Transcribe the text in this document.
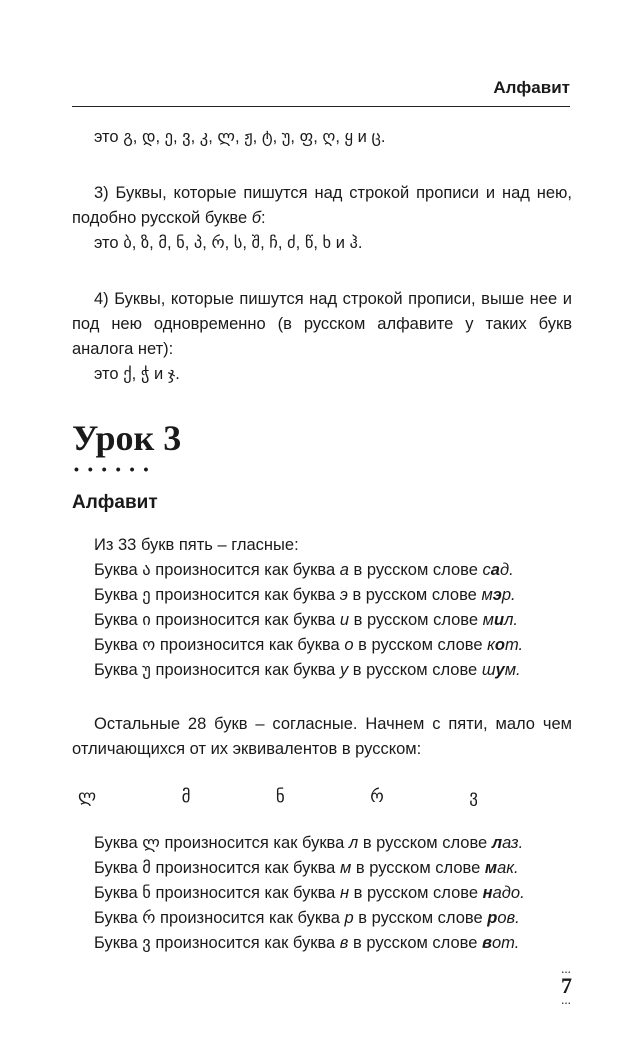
Алфавит
это გ, დ, ე, ვ, კ, ლ, ჟ, ტ, უ, ფ, ღ, ყ и ც.
3) Буквы, которые пишутся над строкой прописи и над нею, подобно русской букве б:
это ბ, ზ, მ, ნ, პ, რ, ს, შ, ჩ, ძ, წ, ხ и ჰ.
4) Буквы, которые пишутся над строкой прописи, выше нее и под нею одновременно (в русском алфавите у таких букв аналога нет):
это ქ, ჭ и ჯ.
Урок 3
••••••
Алфавит
Из 33 букв пять – гласные:
Буква ა произносится как буква а в русском слове сад.
Буква ე произносится как буква э в русском слове мэр.
Буква ი произносится как буква и в русском слове мил.
Буква ო произносится как буква о в русском слове кот.
Буква უ произносится как буква у в русском слове шум.
Остальные 28 букв – согласные. Начнем с пяти, мало чем отличающихся от их эквивалентов в русском:
ლ	მ	ნ	რ	ვ
Буква ლ произносится как буква л в русском слове лаз.
Буква მ произносится как буква м в русском слове мак.
Буква ნ произносится как буква н в русском слове надо.
Буква რ произносится как буква р в русском слове ров.
Буква ვ произносится как буква в в русском слове вот.
...
7
...
